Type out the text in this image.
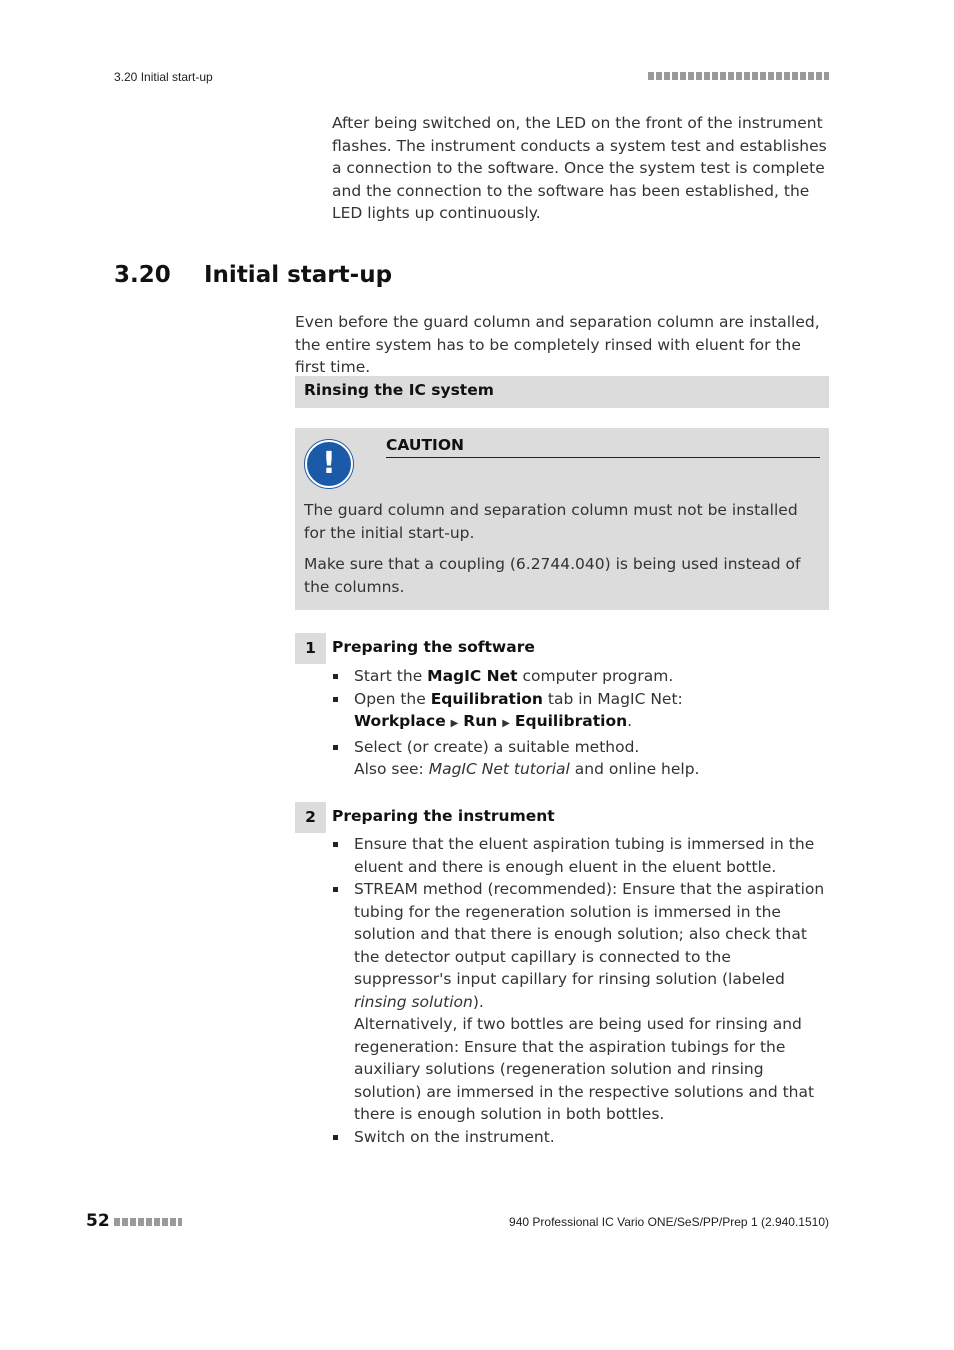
3.20 Initial start-up

After being switched on, the LED on the front of the instrument flashes. The instrument conducts a system test and establishes a connection to the software. Once the system test is complete and the connection to the software has been established, the LED lights up continuously.

3.20 Initial start-up

Even before the guard column and separation column are installed, the entire system has to be completely rinsed with eluent for the first time.

Rinsing the IC system
!
CAUTION

The guard column and separation column must not be installed for the initial start-up.

Make sure that a coupling (6.2744.040) is being used instead of the columns.

1	Preparing the software
Start the MagIC Net computer program.
Open the Equilibration tab in MagIC Net: Workplace ▶ Run ▶ Equilibration.
Select (or create) a suitable method.
Also see: MagIC Net tutorial and online help.
2	Preparing the instrument
Ensure that the eluent aspiration tubing is immersed in the eluent and there is enough eluent in the eluent bottle.
STREAM method (recommended): Ensure that the aspiration tubing for the regeneration solution is immersed in the solution and that there is enough solution; also check that the detector output capillary is connected to the suppressor's input capillary for rinsing solution (labeled rinsing solution).
Alternatively, if two bottles are being used for rinsing and regeneration: Ensure that the aspiration tubings for the auxiliary solutions (regeneration solution and rinsing solution) are immersed in the respective solutions and that there is enough solution in both bottles.
Switch on the instrument.
52	940 Professional IC Vario ONE/SeS/PP/Prep 1 (2.940.1510)
